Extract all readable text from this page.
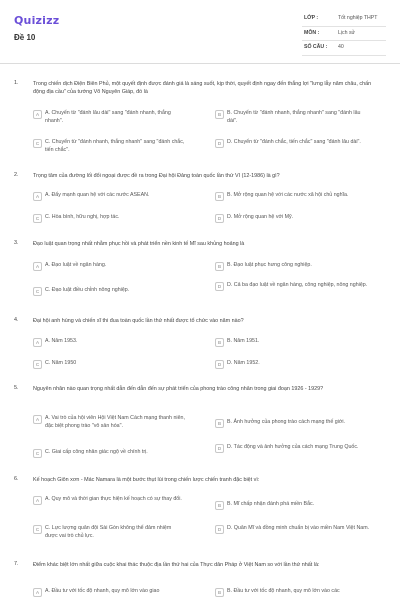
Quizizz
Đề 10
LỚP :	Tốt nghiệp THPT
MÔN :	Lịch sử
SỐ CÂU :	40
1.	Trong chiến dịch Điện Biên Phủ, một quyết định được đánh giá là sáng suốt, kịp thời, quyết định ngay đến thắng lợi "lưng lẫy năm châu, chấn động địa cầu" của tướng Võ Nguyên Giáp, đó là
A	A. Chuyển từ "đánh lâu dài" sang "đánh nhanh, thắng nhanh".
B	B. Chuyển từ "đánh nhanh, thắng nhanh" sang "đánh lâu dài".
C	C. Chuyển từ "đánh nhanh, thắng nhanh" sang "đánh chắc, tiến chắc".
D	D. Chuyển từ "đánh chắc, tiến chắc" sang "đánh lâu dài".
2.	Trọng tâm của đường lối đổi ngoại được đề ra trong Đại hội Đảng toàn quốc lần thứ VI (12-1986) là gì?
A	A. Đẩy mạnh quan hệ với các nước ASEAN.	B	B. Mở rộng quan hệ với các nước xã hội chủ nghĩa.
C	C. Hòa bình, hữu nghị, hợp tác.	D	D. Mở rộng quan hệ với Mỹ.
3.	Đạo luật quan trọng nhất nhằm phục hồi và phát triển nền kinh tế Mĩ sau khủng hoảng là
A	A. Đạo luật về ngân hàng.	B	B. Đạo luật phục hưng công nghiệp.
C	C. Đạo luật điều chỉnh nông nghiệp.
D	D. Cả ba đạo luật về ngân hàng, công nghiệp, nông nghiệp.
4.	Đại hội anh hùng và chiến sĩ thi đua toàn quốc lần thứ nhất được tổ chức vào năm nào?
A	A. Năm 1953.	B	B. Năm 1951.
C	C. Năm 1950	D	D. Năm 1952.
5.	Nguyên nhân nào quan trọng nhất dẫn đến dẫn đến sự phát triển của phong trào công nhân trong giai đoạn 1926 - 1929?
A	A. Vai trò của hội viên Hội Việt Nam Cách mạng thanh niên, đặc biệt phong trào "vô sản hóa".	B	B. Ảnh hưởng của phong trào cách mạng thế giới.
C	C. Giai cấp công nhân giác ngộ về chính trị.
D	D. Tác động và ảnh hưởng của cách mạng Trung Quốc.
6.	Kế hoạch Giôn xơn - Mác Namara là một bước thụt lùi trong chiến lược chiến tranh đặc biệt vì:
A	A. Quy mô và thời gian thực hiện kế hoạch có sự thay đổi.
B	B. Mĩ chấp nhận đánh phá miền Bắc.
C	C. Lực lượng quân đội Sài Gòn không thể đảm nhiệm được vai trò chủ lực.
D	D. Quân Mĩ và đồng minh chuẩn bị vào miền Nam Việt Nam.
7.	Điểm khác biệt lớn nhất giữa cuộc khai thác thuộc địa lần thứ hai của Thực dân Pháp ở Việt Nam so với lần thứ nhất là:
A	A. Đầu tư với tốc độ nhanh, quy mô lớn vào giao	B	B. Đầu tư với tốc độ nhanh, quy mô lớn vào các
